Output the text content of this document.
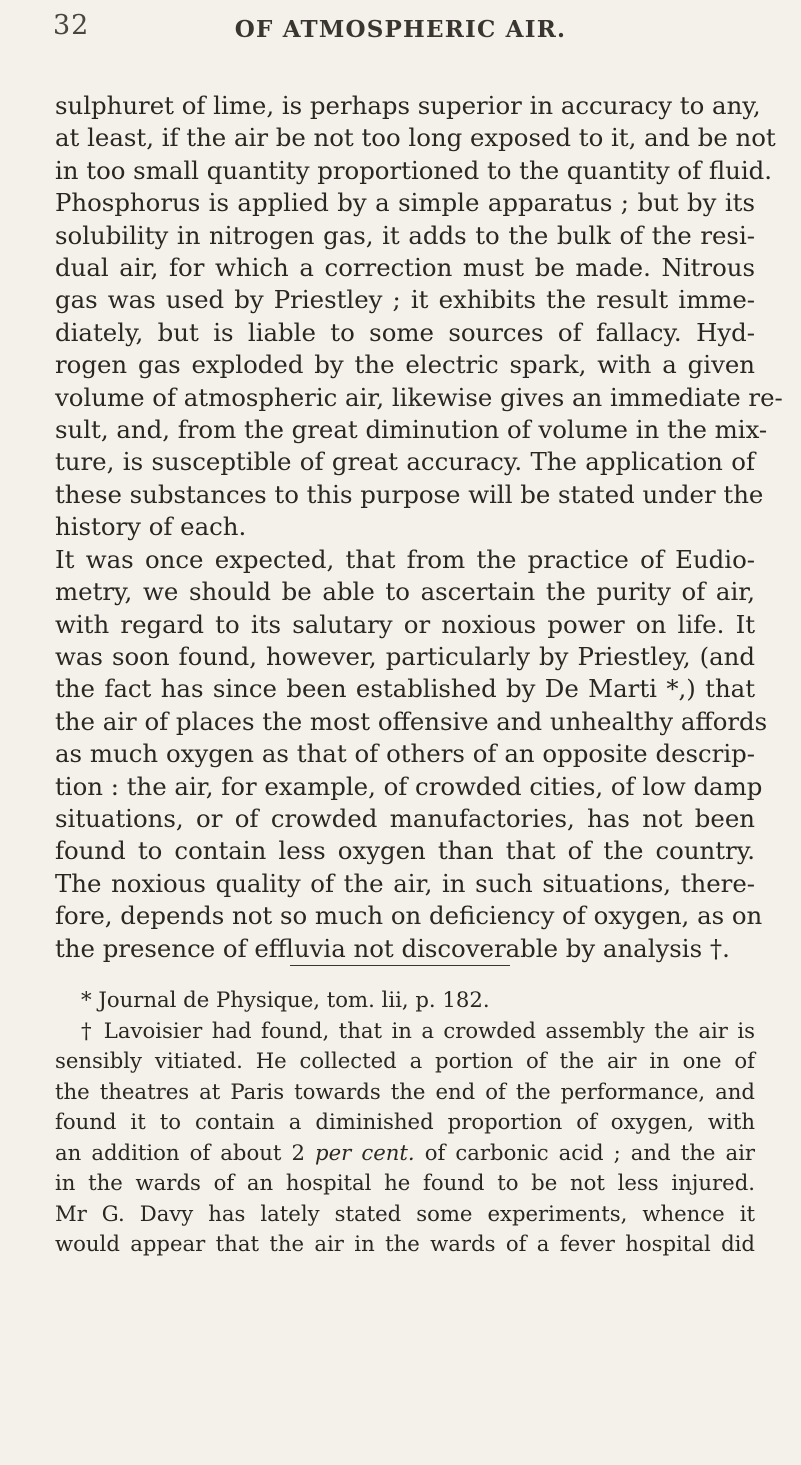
32	OF ATMOSPHERIC AIR.
sulphuret of lime, is perhaps superior in accuracy to any,
at least, if the air be not too long exposed to it, and be not
in too small quantity proportioned to the quantity of fluid.
Phosphorus is applied by a simple apparatus ; but by its
solubility in nitrogen gas, it adds to the bulk of the resi-
dual air, for which a correction must be made. Nitrous
gas was used by Priestley ; it exhibits the result imme-
diately, but is liable to some sources of fallacy. Hyd-
rogen gas exploded by the electric spark, with a given
volume of atmospheric air, likewise gives an immediate re-
sult, and, from the great diminution of volume in the mix-
ture, is susceptible of great accuracy. The application of
these substances to this purpose will be stated under the
history of each.
It was once expected, that from the practice of Eudio-
metry, we should be able to ascertain the purity of air,
with regard to its salutary or noxious power on life. It
was soon found, however, particularly by Priestley, (and
the fact has since been established by De Marti *,) that
the air of places the most offensive and unhealthy affords
as much oxygen as that of others of an opposite descrip-
tion : the air, for example, of crowded cities, of low damp
situations, or of crowded manufactories, has not been
found to contain less oxygen than that of the country.
The noxious quality of the air, in such situations, there-
fore, depends not so much on deficiency of oxygen, as on
the presence of effluvia not discoverable by analysis †.
* Journal de Physique, tom. lii, p. 182.
† Lavoisier had found, that in a crowded assembly the air is
sensibly vitiated. He collected a portion of the air in one of
the theatres at Paris towards the end of the performance, and
found it to contain a diminished proportion of oxygen, with
an addition of about 2 per cent. of carbonic acid ; and the air
in the wards of an hospital he found to be not less injured.
Mr G. Davy has lately stated some experiments, whence it
would appear that the air in the wards of a fever hospital did
